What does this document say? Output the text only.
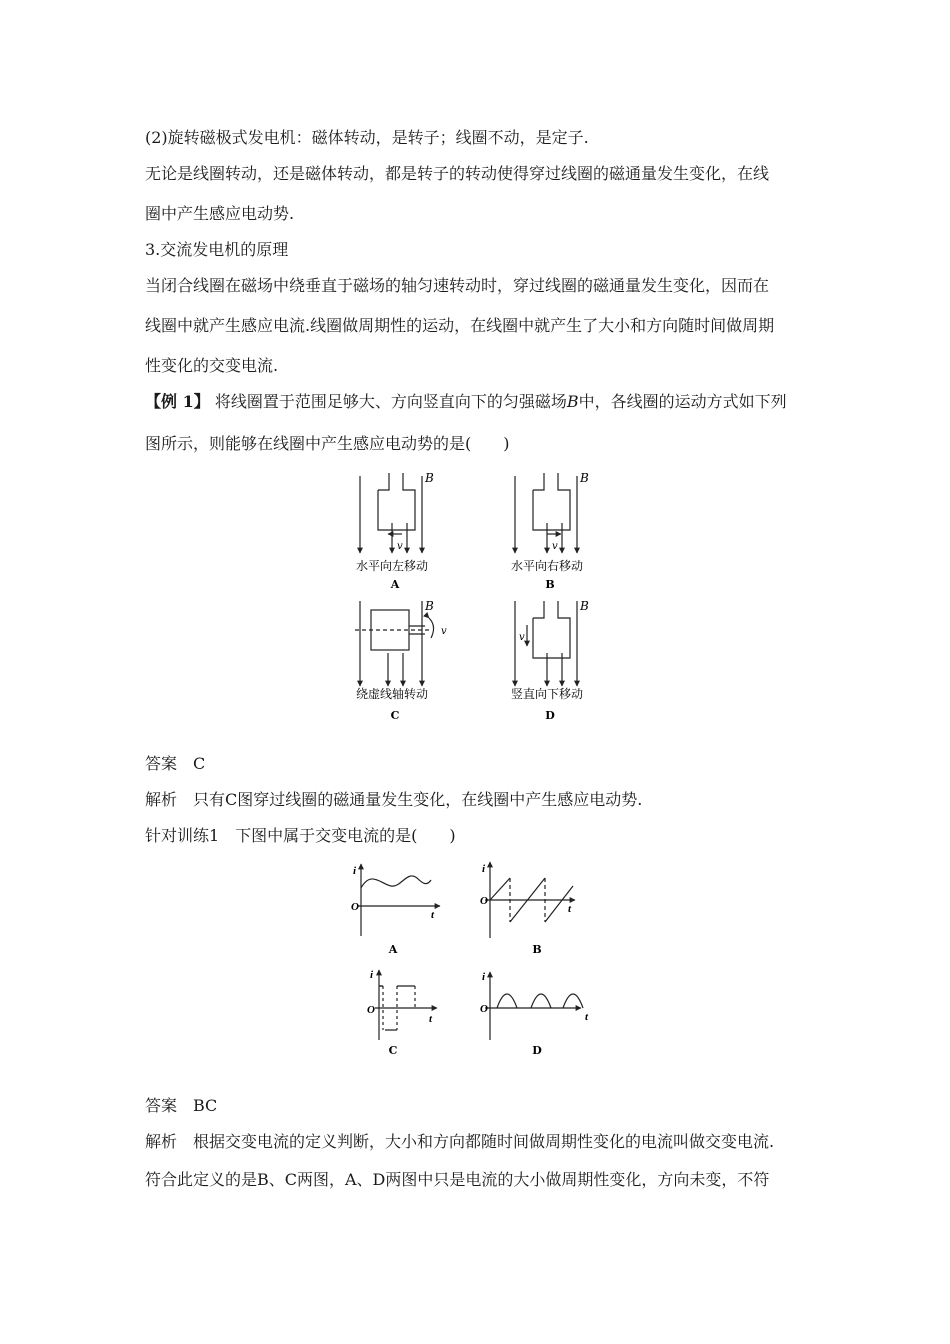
(2)旋转磁极式发电机：磁体转动，是转子；线圈不动，是定子.
无论是线圈转动，还是磁体转动，都是转子的转动使得穿过线圈的磁通量发生变化，在线
圈中产生感应电动势.
3.交流发电机的原理
当闭合线圈在磁场中绕垂直于磁场的轴匀速转动时，穿过线圈的磁通量发生变化，因而在
线圈中就产生感应电流.线圈做周期性的运动，在线圈中就产生了大小和方向随时间做周期
性变化的交变电流.
【例 1】 将线圈置于范围足够大、方向竖直向下的匀强磁场B中，各线圈的运动方式如下列
图所示，则能够在线圈中产生感应电动势的是(　　)
B	B
B	B
v	v
v
v
水平向左移动
A
水平向右移动
B
绕虚线轴转动
C
竖直向下移动
D
答案　C
解析　只有C图穿过线圈的磁通量发生变化，在线圈中产生感应电动势.
针对训练1　下图中属于交变电流的是(　　)
i
O
t
A
i
O
t
B
i
O
t
C
i
O
t
D
答案　BC
解析　根据交变电流的定义判断，大小和方向都随时间做周期性变化的电流叫做交变电流.
符合此定义的是B、C两图，A、D两图中只是电流的大小做周期性变化，方向未变，不符
